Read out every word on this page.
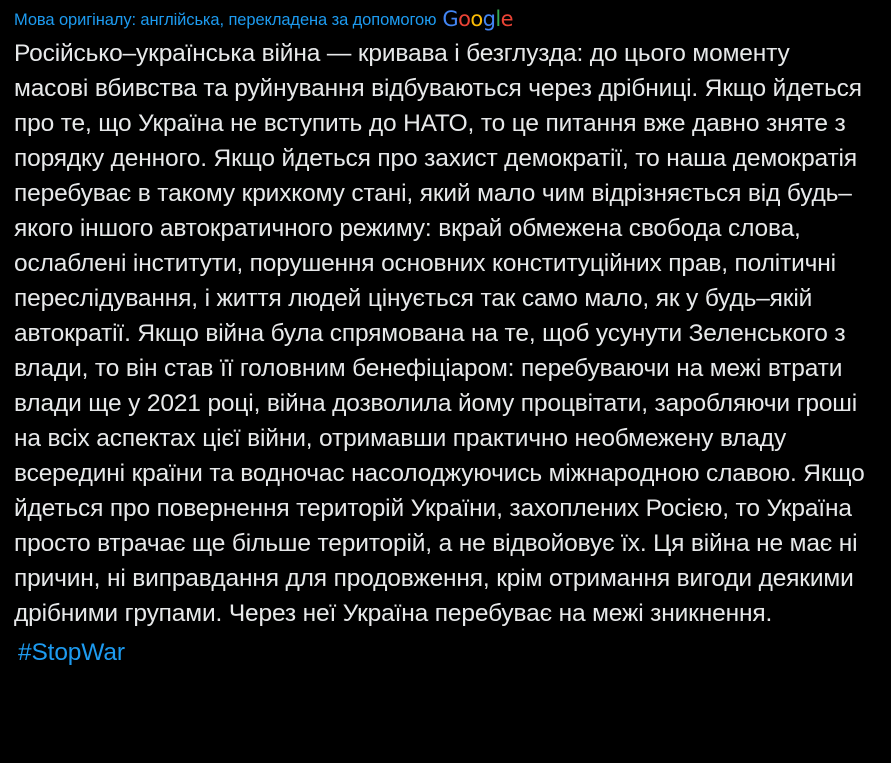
Мова оригіналу: англійська, перекладена за допомогою Google

Російсько–українська війна — кривава і безглузда: до цього моменту масові вбивства та руйнування відбуваються через дрібниці. Якщо йдеться про те, що Україна не вступить до НАТО, то це питання вже давно зняте з порядку денного. Якщо йдеться про захист демократії, то наша демократія перебуває в такому крихкому стані, який мало чим відрізняється від будь–якого іншого автократичного режиму: вкрай обмежена свобода слова, ослаблені інститути, порушення основних конституційних прав, політичні переслідування, і життя людей цінується так само мало, як у будь–якій автократії. Якщо війна була спрямована на те, щоб усунути Зеленського з влади, то він став її головним бенефіціаром: перебуваючи на межі втрати влади ще у 2021 році, війна дозволила йому процвітати, заробляючи гроші на всіх аспектах цієї війни, отримавши практично необмежену владу всередині країни та водночас насолоджуючись міжнародною славою. Якщо йдеться про повернення територій України, захоплених Росією, то Україна просто втрачає ще більше територій, а не відвойовує їх. Ця війна не має ні причин, ні виправдання для продовження, крім отримання вигоди деякими дрібними групами. Через неї Україна перебуває на межі зникнення.

#StopWar
